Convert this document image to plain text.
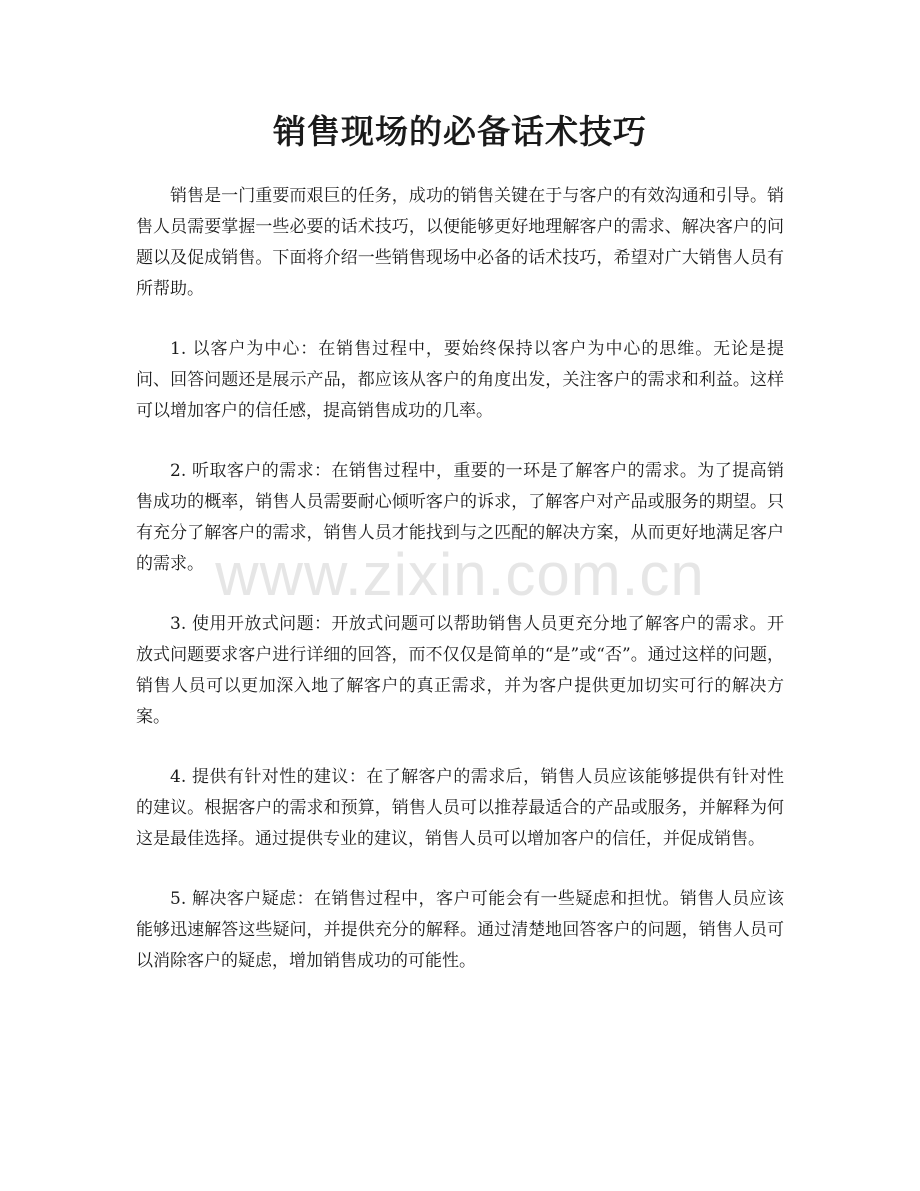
销售现场的必备话术技巧

销售是一门重要而艰巨的任务，成功的销售关键在于与客户的有效沟通和引导。销售人员需要掌握一些必要的话术技巧，以便能够更好地理解客户的需求、解决客户的问题以及促成销售。下面将介绍一些销售现场中必备的话术技巧，希望对广大销售人员有所帮助。

1. 以客户为中心：在销售过程中，要始终保持以客户为中心的思维。无论是提问、回答问题还是展示产品，都应该从客户的角度出发，关注客户的需求和利益。这样可以增加客户的信任感，提高销售成功的几率。

2. 听取客户的需求：在销售过程中，重要的一环是了解客户的需求。为了提高销售成功的概率，销售人员需要耐心倾听客户的诉求，了解客户对产品或服务的期望。只有充分了解客户的需求，销售人员才能找到与之匹配的解决方案，从而更好地满足客户的需求。

3. 使用开放式问题：开放式问题可以帮助销售人员更充分地了解客户的需求。开放式问题要求客户进行详细的回答，而不仅仅是简单的“是”或“否”。通过这样的问题，销售人员可以更加深入地了解客户的真正需求，并为客户提供更加切实可行的解决方案。

4. 提供有针对性的建议：在了解客户的需求后，销售人员应该能够提供有针对性的建议。根据客户的需求和预算，销售人员可以推荐最适合的产品或服务，并解释为何这是最佳选择。通过提供专业的建议，销售人员可以增加客户的信任，并促成销售。

5. 解决客户疑虑：在销售过程中，客户可能会有一些疑虑和担忧。销售人员应该能够迅速解答这些疑问，并提供充分的解释。通过清楚地回答客户的问题，销售人员可以消除客户的疑虑，增加销售成功的可能性。

www.zixin.com.cn
